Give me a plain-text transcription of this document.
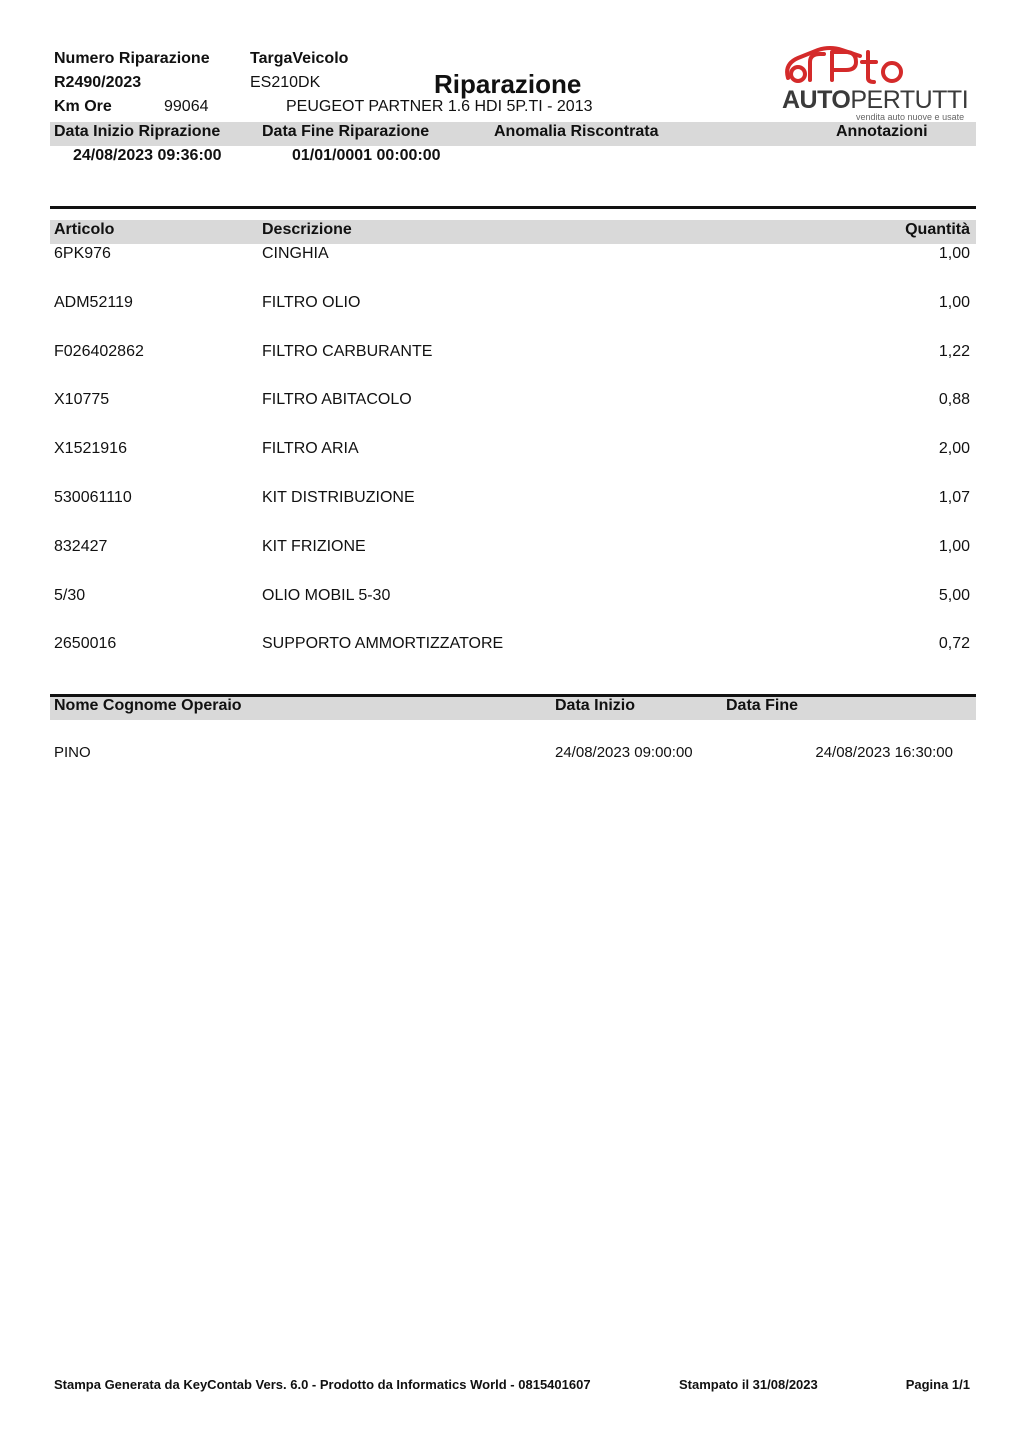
Numero Riparazione
R2490/2023
Km Ore	99064
TargaVeicolo
ES210DK	Riparazione
PEUGEOT PARTNER 1.6 HDI 5P.TI - 2013	AUTOPERTUTTI
vendita auto nuove e usate
Data Inizio Riprazione	Data Fine Riparazione	Anomalia Riscontrata	Annotazioni
24/08/2023 09:36:00	01/01/0001 00:00:00
Articolo	Descrizione	Quantità
6PK976	CINGHIA	1,00
ADM52119	FILTRO OLIO	1,00
F026402862	FILTRO CARBURANTE	1,22
X10775	FILTRO ABITACOLO	0,88
X1521916	FILTRO ARIA	2,00
530061110	KIT DISTRIBUZIONE	1,07
832427	KIT FRIZIONE	1,00
5/30	OLIO MOBIL 5-30	5,00
2650016	SUPPORTO AMMORTIZZATORE	0,72
Nome Cognome Operaio	Data Inizio	Data Fine
PINO	24/08/2023 09:00:00	24/08/2023 16:30:00
Stampa Generata da KeyContab Vers. 6.0 - Prodotto da Informatics World - 0815401607	Stampato il 31/08/2023	Pagina 1/1
